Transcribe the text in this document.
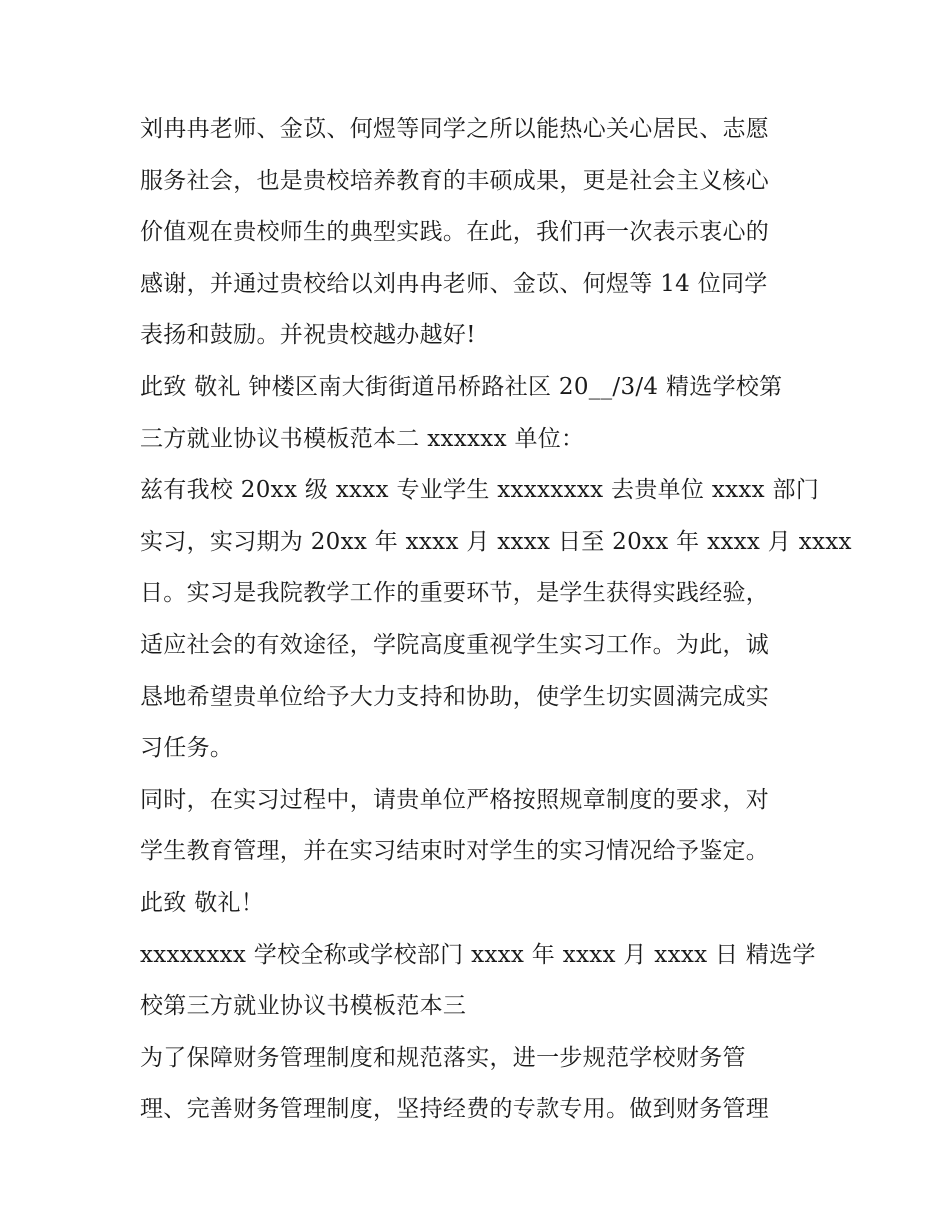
刘冉冉老师、金苡、何煜等同学之所以能热心关心居民、志愿
服务社会，也是贵校培养教育的丰硕成果，更是社会主义核心
价值观在贵校师生的典型实践。在此，我们再一次表示衷心的
感谢，并通过贵校给以刘冉冉老师、金苡、何煜等 14 位同学
表扬和鼓励。并祝贵校越办越好!
此致 敬礼 钟楼区南大街街道吊桥路社区 20__/3/4 精选学校第
三方就业协议书模板范本二 xxxxxx 单位：
兹有我校 20xx 级 xxxx 专业学生 xxxxxxxx 去贵单位 xxxx 部门
实习，实习期为 20xx 年 xxxx 月 xxxx 日至 20xx 年 xxxx 月 xxxx
日。实习是我院教学工作的重要环节，是学生获得实践经验，
适应社会的有效途径，学院高度重视学生实习工作。为此，诚
恳地希望贵单位给予大力支持和协助，使学生切实圆满完成实
习任务。
同时，在实习过程中，请贵单位严格按照规章制度的要求，对
学生教育管理，并在实习结束时对学生的实习情况给予鉴定。
此致 敬礼！
xxxxxxxx 学校全称或学校部门 xxxx 年 xxxx 月 xxxx 日 精选学
校第三方就业协议书模板范本三
为了保障财务管理制度和规范落实，进一步规范学校财务管
理、完善财务管理制度，坚持经费的专款专用。做到财务管理
